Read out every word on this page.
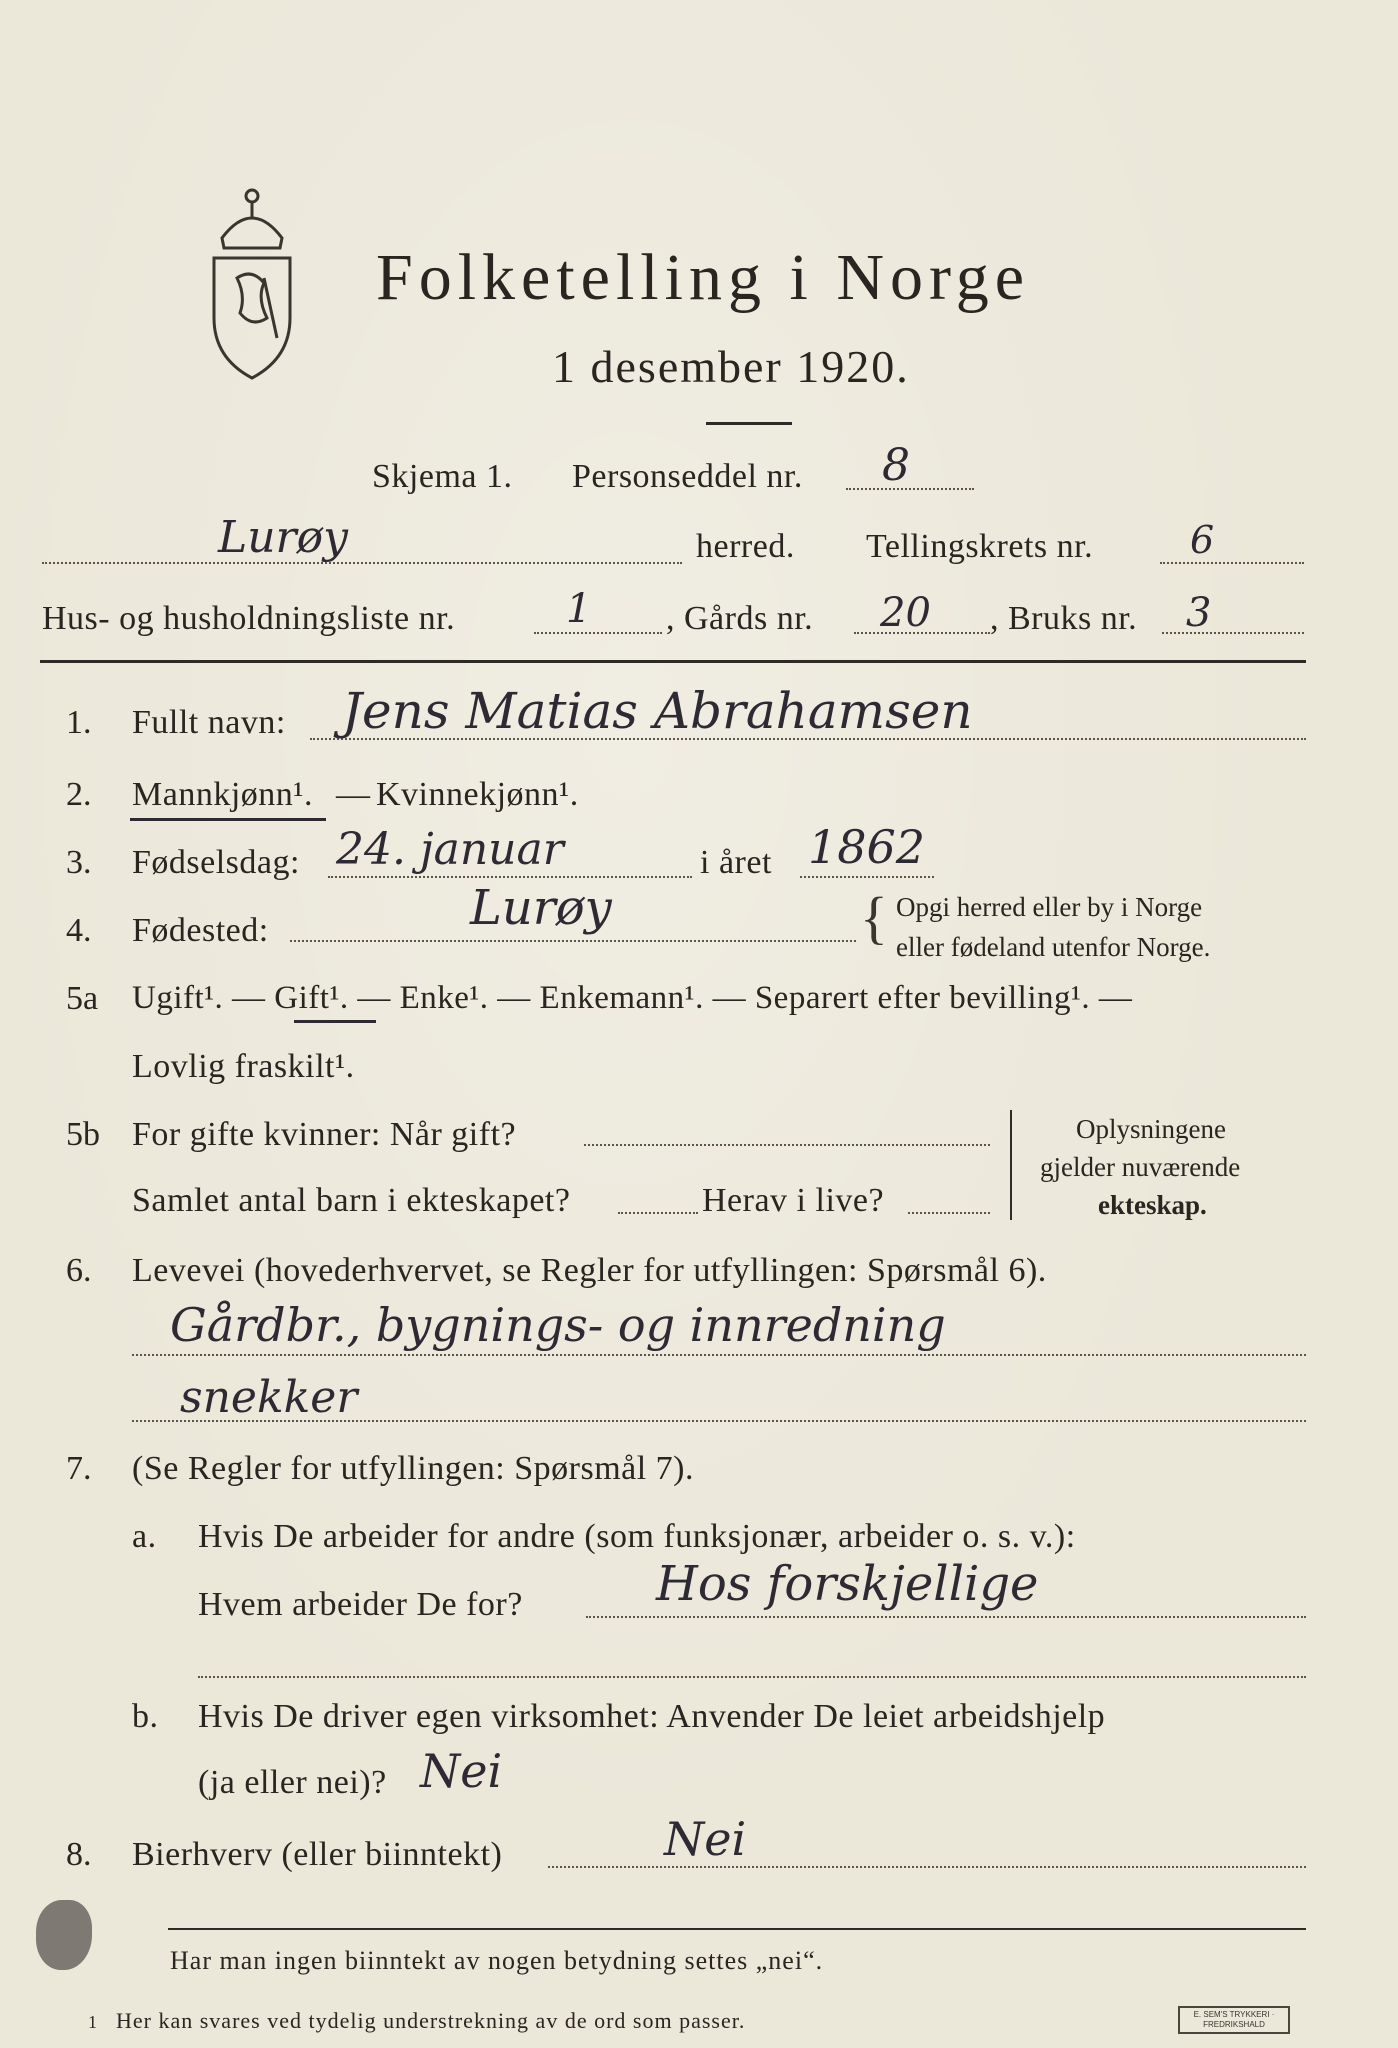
Folketelling i Norge
1 desember 1920.
Skjema 1. Personseddel nr. 8
Lurøy	herred. Tellingskrets nr.	6
Hus- og husholdningsliste nr.	1 , Gårds nr. 20 , Bruks nr. 3
1. Fullt navn: Jens Matias Abrahamsen
2. Mannkjønn¹. — Kvinnekjønn¹.
3. Fødselsdag: 24. januar	i året 1862
4. Fødested:	Lurøy	{ Opgi herred eller by i Norge
eller fødeland utenfor Norge.
5a Ugift¹. — Gift¹. — Enke¹. — Enkemann¹. — Separert efter bevilling¹. —
Lovlig fraskilt¹.
5b For gifte kvinner: Når gift?
Samlet antal barn i ekteskapet?	Herav i live?
Oplysningene
gjelder nuværende
ekteskap.
6. Levevei (hovederhvervet, se Regler for utfyllingen: Spørsmål 6).
Gårdbr., bygnings- og innredning
snekker
7. (Se Regler for utfyllingen: Spørsmål 7).
a. Hvis De arbeider for andre (som funksjonær, arbeider o. s. v.):
Hvem arbeider De for?	Hos forskjellige
b. Hvis De driver egen virksomhet: Anvender De leiet arbeidshjelp
(ja eller nei)? Nei
8. Bierhverv (eller biinntekt)	Nei
Har man ingen biinntekt av nogen betydning settes „nei“.
1 Her kan svares ved tydelig understrekning av de ord som passer.	E. SEM'S TRYKKERI · FREDRIKSHALD
